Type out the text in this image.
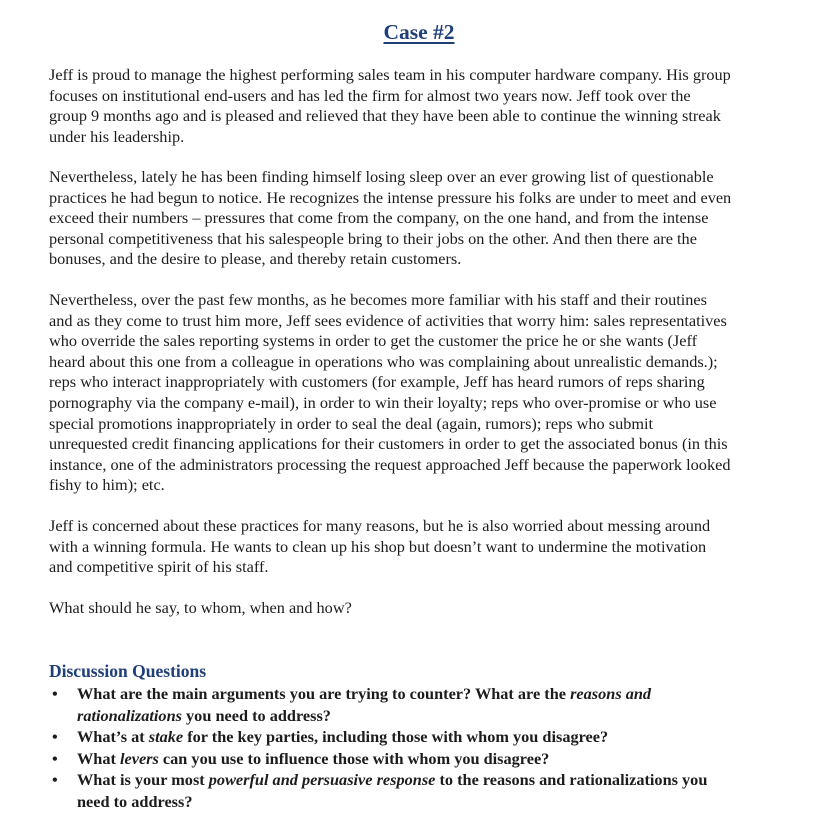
Case #2

Jeff is proud to manage the highest performing sales team in his computer hardware company. His group
focuses on institutional end-users and has led the firm for almost two years now. Jeff took over the
group 9 months ago and is pleased and relieved that they have been able to continue the winning streak
under his leadership.

Nevertheless, lately he has been finding himself losing sleep over an ever growing list of questionable
practices he had begun to notice. He recognizes the intense pressure his folks are under to meet and even
exceed their numbers – pressures that come from the company, on the one hand, and from the intense
personal competitiveness that his salespeople bring to their jobs on the other. And then there are the
bonuses, and the desire to please, and thereby retain customers.

Nevertheless, over the past few months, as he becomes more familiar with his staff and their routines
and as they come to trust him more, Jeff sees evidence of activities that worry him: sales representatives
who override the sales reporting systems in order to get the customer the price he or she wants (Jeff
heard about this one from a colleague in operations who was complaining about unrealistic demands.);
reps who interact inappropriately with customers (for example, Jeff has heard rumors of reps sharing
pornography via the company e-mail), in order to win their loyalty; reps who over-promise or who use
special promotions inappropriately in order to seal the deal (again, rumors); reps who submit
unrequested credit financing applications for their customers in order to get the associated bonus (in this
instance, one of the administrators processing the request approached Jeff because the paperwork looked
fishy to him); etc.

Jeff is concerned about these practices for many reasons, but he is also worried about messing around
with a winning formula. He wants to clean up his shop but doesn’t want to undermine the motivation
and competitive spirit of his staff.

What should he say, to whom, when and how?

Discussion Questions
• What are the main arguments you are trying to counter? What are the reasons and
rationalizations you need to address?
• What’s at stake for the key parties, including those with whom you disagree?
• What levers can you use to influence those with whom you disagree?
• What is your most powerful and persuasive response to the reasons and rationalizations you
need to address?
